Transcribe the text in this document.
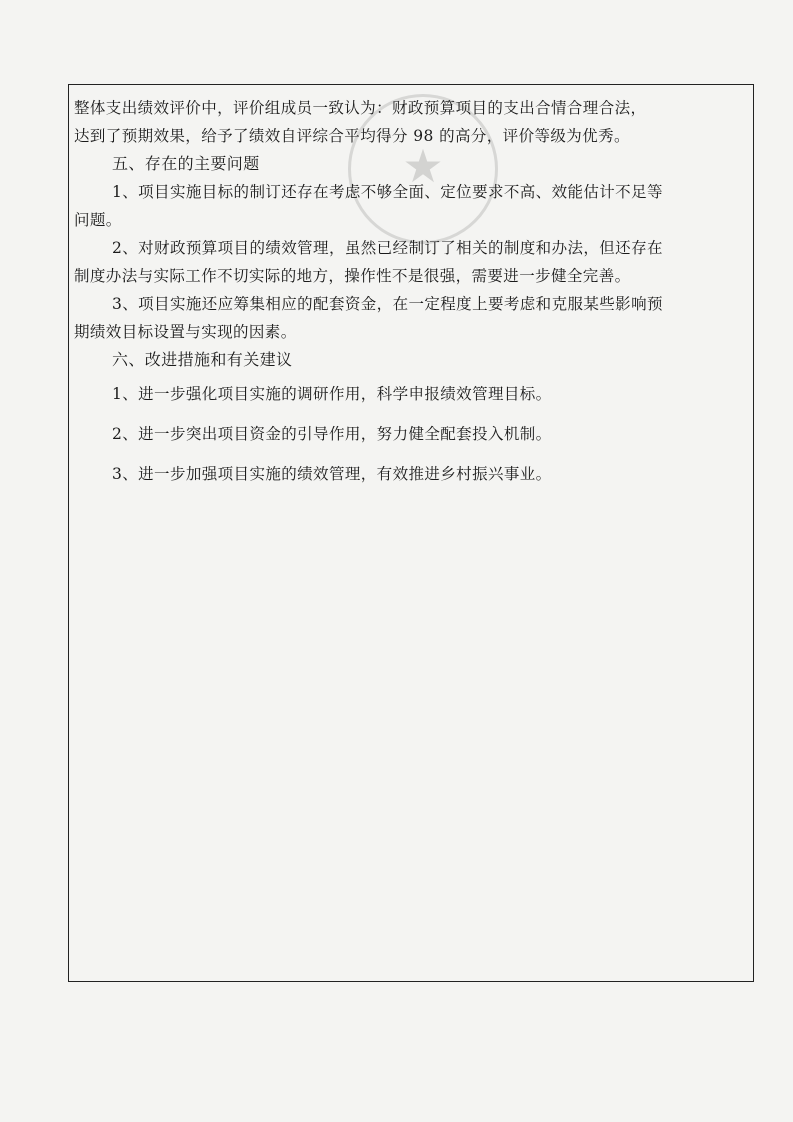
★
整体支出绩效评价中，评价组成员一致认为：财政预算项目的支出合情合理合法，
达到了预期效果，给予了绩效自评综合平均得分 98 的高分，评价等级为优秀。
五、存在的主要问题
1、项目实施目标的制订还存在考虑不够全面、定位要求不高、效能估计不足等
问题。
2、对财政预算项目的绩效管理，虽然已经制订了相关的制度和办法，但还存在
制度办法与实际工作不切实际的地方，操作性不是很强，需要进一步健全完善。
3、项目实施还应筹集相应的配套资金，在一定程度上要考虑和克服某些影响预
期绩效目标设置与实现的因素。
六、改进措施和有关建议
1、进一步强化项目实施的调研作用，科学申报绩效管理目标。
2、进一步突出项目资金的引导作用，努力健全配套投入机制。
3、进一步加强项目实施的绩效管理，有效推进乡村振兴事业。
